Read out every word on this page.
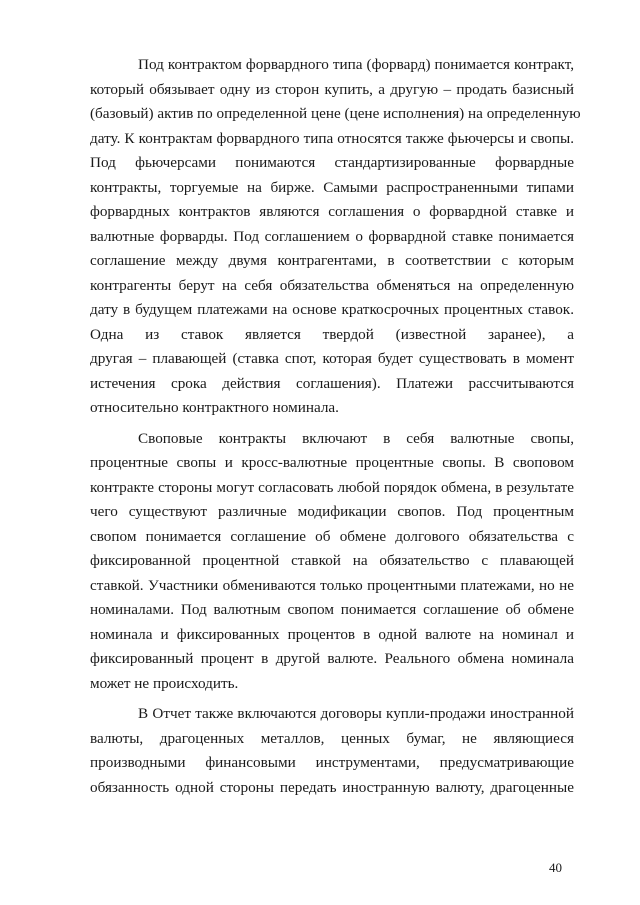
Под контрактом форвардного типа (форвард) понимается контракт,
который обязывает одну из сторон купить, а другую – продать базисный
(базовый) актив по определенной цене (цене исполнения) на определенную
дату. К контрактам форвардного типа относятся также фьючерсы и свопы.
Под фьючерсами понимаются стандартизированные форвардные
контракты, торгуемые на бирже. Самыми распространенными типами
форвардных контрактов являются соглашения о форвардной ставке и
валютные форварды. Под соглашением о форвардной ставке понимается
соглашение между двумя контрагентами, в соответствии с которым
контрагенты берут на себя обязательства обменяться на определенную
дату в будущем платежами на основе краткосрочных процентных ставок.
Одна из ставок является твердой (известной заранее), а
другая – плавающей (ставка спот, которая будет существовать в момент
истечения срока действия соглашения). Платежи рассчитываются
относительно контрактного номинала.

Своповые контракты включают в себя валютные свопы,
процентные свопы и кросс-валютные процентные свопы. В своповом
контракте стороны могут согласовать любой порядок обмена, в результате
чего существуют различные модификации свопов. Под процентным
свопом понимается соглашение об обмене долгового обязательства с
фиксированной процентной ставкой на обязательство с плавающей
ставкой. Участники обмениваются только процентными платежами, но не
номиналами. Под валютным свопом понимается соглашение об обмене
номинала и фиксированных процентов в одной валюте на номинал и
фиксированный процент в другой валюте. Реального обмена номинала
может не происходить.

В Отчет также включаются договоры купли-продажи иностранной
валюты, драгоценных металлов, ценных бумаг, не являющиеся
производными финансовыми инструментами, предусматривающие
обязанность одной стороны передать иностранную валюту, драгоценные

40
